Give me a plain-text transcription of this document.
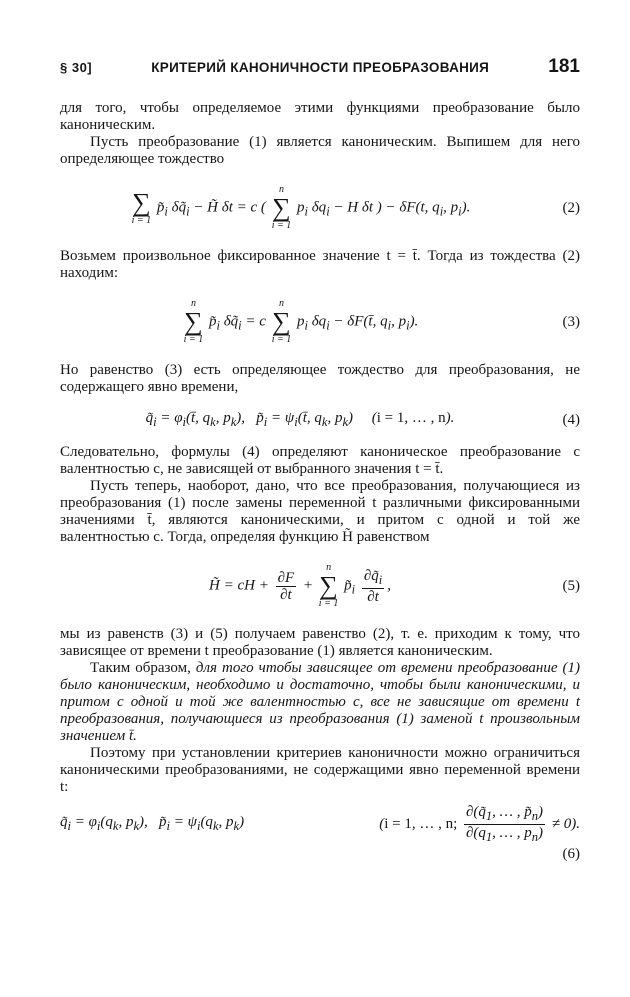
§ 30]	КРИТЕРИЙ КАНОНИЧНОСТИ ПРЕОБРАЗОВАНИЯ	181

для того, чтобы определяемое этими функциями преобразование было каноническим.

Пусть преобразование (1) является каноническим. Выпишем для него определяющее тождество

∑
i = 1
$p̃_i$ $\delta q̃_i$ − H̃ δt = c (
n
∑
i = 1
$p_i$ $\delta q_i - H$ δt ) − δF(t, $q_i$, $p_i$).	(2)

Возьмем произвольное фиксированное значение t = t̄. Тогда из тождества (2) находим:

n
∑
i = 1
$p̃_i$ $\delta q̃_i = c$
n
∑
i = 1
$p_i$ $\delta q_i$ − δF(t̄, $q_i$, $p_i$).	(3)

Но равенство (3) есть определяющее тождество для преобразования, не содержащего явно времени,

$q̃_i$ = $\varphi_i(t̄$, $q_k$, $p_k$),   $p̃_i$ = $\psi_i(t̄$, $q_k$, $p_k$)     (i = 1, … , n).	(4)

Следовательно, формулы (4) определяют каноническое преобразование с валентностью c, не зависящей от выбранного значения t = t̄.

Пусть теперь, наоборот, дано, что все преобразования, получающиеся из преобразования (1) после замены переменной t различными фиксированными значениями t̄, являются каноническими, и притом с одной и той же валентностью c. Тогда, определяя функцию H̃ равенством

H̃ = cH + $\frac{\partial F}{\partial t}$ +
n
∑
i = 1
$p̃_i \frac{\partial q̃_i}{\partial t}$ ,	(5)

мы из равенств (3) и (5) получаем равенство (2), т. е. приходим к тому, что зависящее от времени t преобразование (1) является каноническим.

Таким образом, для того чтобы зависящее от времени преобразование (1) было каноническим, необходимо и достаточно, чтобы были каноническими, и притом с одной и той же валентностью c, все не зависящие от времени t преобразования, получающиеся из преобразования (1) заменой t произвольным значением t̄.

Поэтому при установлении критериев каноничности можно ограничиться каноническими преобразованиями, не содержащими явно переменной времени t:

$q̃_i = \varphi_i(q_k$, $p_k$),   $p̃_i = \psi_i(q_k$, $p_k$)	(i = 1, … , n; $\frac{\partial(q̃_1, \dots , p̃_n)}{\partial(q_1, \dots , p_n)} \ne 0$).
(6)
